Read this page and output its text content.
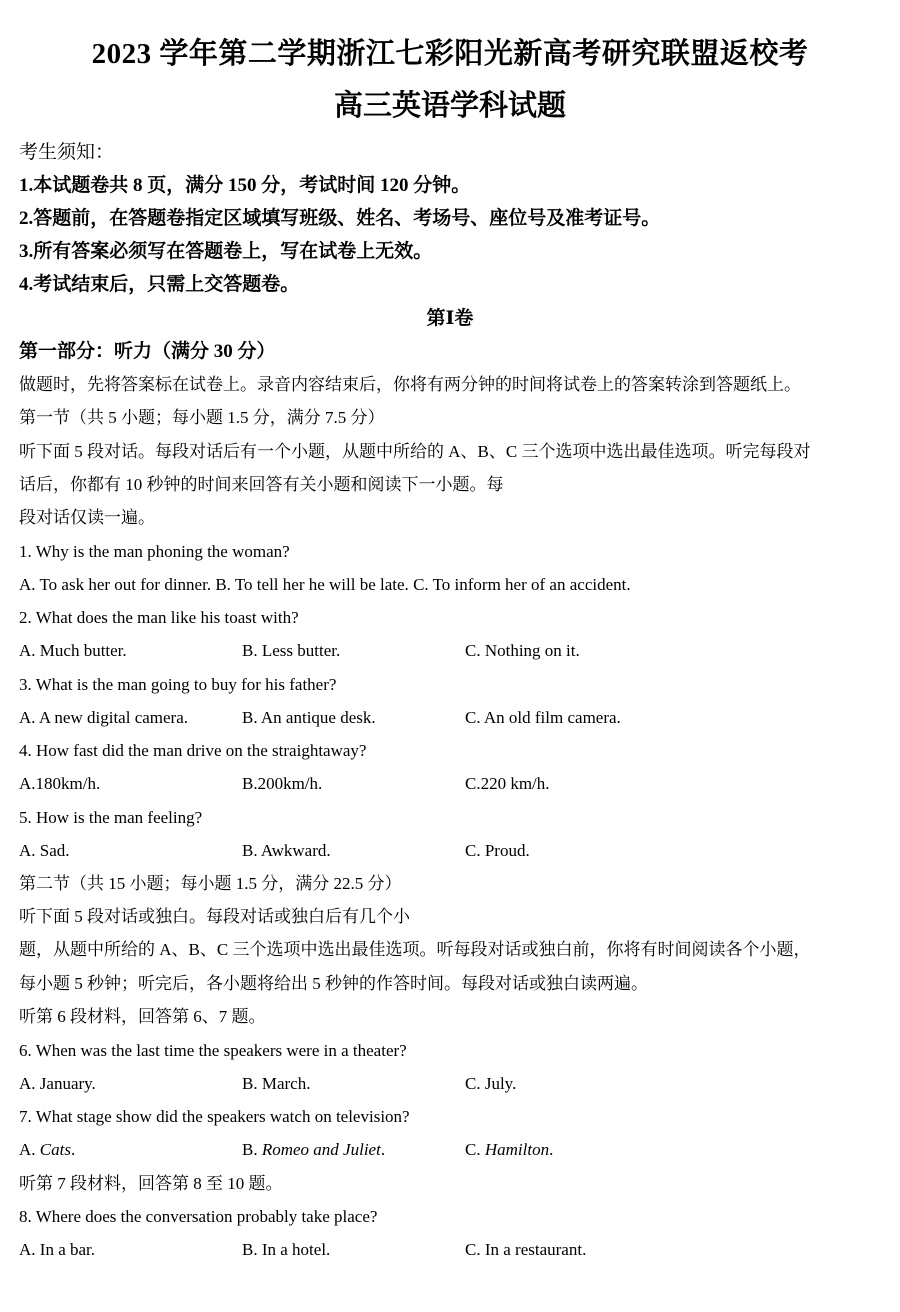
2023 学年第二学期浙江七彩阳光新高考研究联盟返校考
高三英语学科试题
考生须知：
1.本试题卷共 8 页，满分 150 分，考试时间 120 分钟。
2.答题前，在答题卷指定区域填写班级、姓名、考场号、座位号及准考证号。
3.所有答案必须写在答题卷上，写在试卷上无效。
4.考试结束后，只需上交答题卷。
第Ⅰ卷
第一部分：听力（满分 30 分）
做题时，先将答案标在试卷上。录音内容结束后，你将有两分钟的时间将试卷上的答案转涂到答题纸上。
第一节（共 5 小题；每小题 1.5 分，满分 7.5 分）
听下面 5 段对话。每段对话后有一个小题，从题中所给的 A、B、C 三个选项中选出最佳选项。听完每段对
话后，你都有 10 秒钟的时间来回答有关小题和阅读下一小题。每
段对话仅读一遍。
1. Why is the man phoning the woman?
A. To ask her out for dinner. B. To tell her he will be late. C. To inform her of an accident.
2. What does the man like his toast with?
A. Much butter.	B. Less butter.	C. Nothing on it.
3. What is the man going to buy for his father?
A. A new digital camera.	B. An antique desk.	C. An old film camera.
4. How fast did the man drive on the straightaway?
A.180km/h.	B.200km/h.	C.220 km/h.
5. How is the man feeling?
A. Sad.	B. Awkward.	C. Proud.
第二节（共 15 小题；每小题 1.5 分，满分 22.5 分）
听下面 5 段对话或独白。每段对话或独白后有几个小
题，从题中所给的 A、B、C 三个选项中选出最佳选项。听每段对话或独白前，你将有时间阅读各个小题，
每小题 5 秒钟；听完后，各小题将给出 5 秒钟的作答时间。每段对话或独白读两遍。
听第 6 段材料，回答第 6、7 题。
6. When was the last time the speakers were in a theater?
A. January.	B. March.	C. July.
7. What stage show did the speakers watch on television?
A. Cats.	B. Romeo and Juliet.	C. Hamilton.
听第 7 段材料，回答第 8 至 10 题。
8. Where does the conversation probably take place?
A. In a bar.	B. In a hotel.	C. In a restaurant.
